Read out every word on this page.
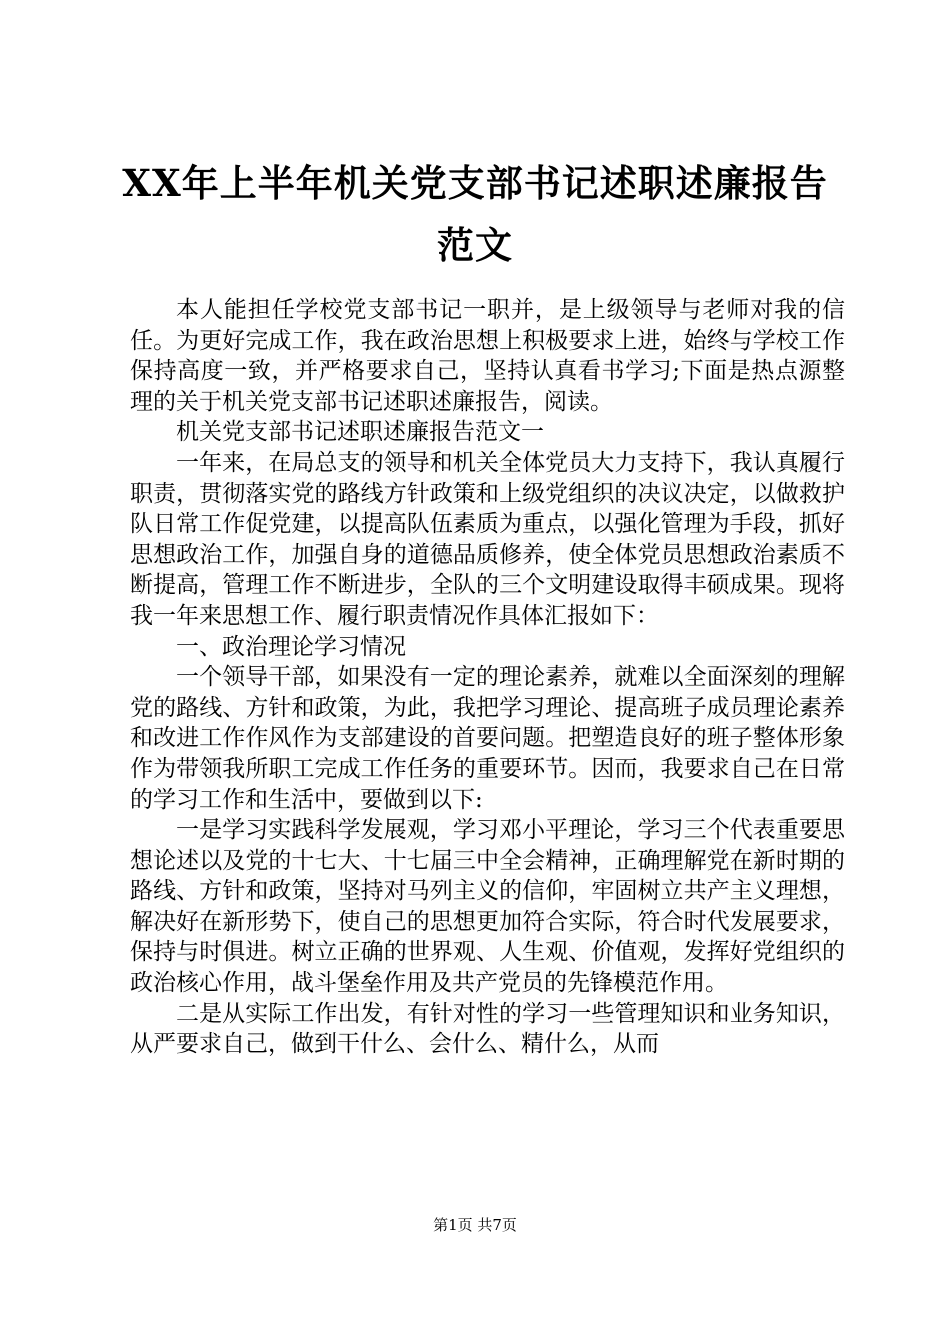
XX年上半年机关党支部书记述职述廉报告范文

本人能担任学校党支部书记一职并，是上级领导与老师对我的信任。为更好完成工作，我在政治思想上积极要求上进，始终与学校工作保持高度一致，并严格要求自己，坚持认真看书学习;下面是热点源整理的关于机关党支部书记述职述廉报告，阅读。

机关党支部书记述职述廉报告范文一

一年来，在局总支的领导和机关全体党员大力支持下，我认真履行职责，贯彻落实党的路线方针政策和上级党组织的决议决定，以做救护队日常工作促党建，以提高队伍素质为重点，以强化管理为手段，抓好思想政治工作，加强自身的道德品质修养，使全体党员思想政治素质不断提高，管理工作不断进步，全队的三个文明建设取得丰硕成果。现将我一年来思想工作、履行职责情况作具体汇报如下：

一、政治理论学习情况

一个领导干部，如果没有一定的理论素养，就难以全面深刻的理解党的路线、方针和政策，为此，我把学习理论、提高班子成员理论素养和改进工作作风作为支部建设的首要问题。把塑造良好的班子整体形象作为带领我所职工完成工作任务的重要环节。因而，我要求自己在日常的学习工作和生活中，要做到以下:

一是学习实践科学发展观，学习邓小平理论，学习三个代表重要思想论述以及党的十七大、十七届三中全会精神，正确理解党在新时期的路线、方针和政策，坚持对马列主义的信仰，牢固树立共产主义理想，解决好在新形势下，使自己的思想更加符合实际，符合时代发展要求，保持与时俱进。树立正确的世界观、人生观、价值观，发挥好党组织的政治核心作用，战斗堡垒作用及共产党员的先锋模范作用。

二是从实际工作出发，有针对性的学习一些管理知识和业务知识，从严要求自己，做到干什么、会什么、精什么，从而

第1页 共7页
